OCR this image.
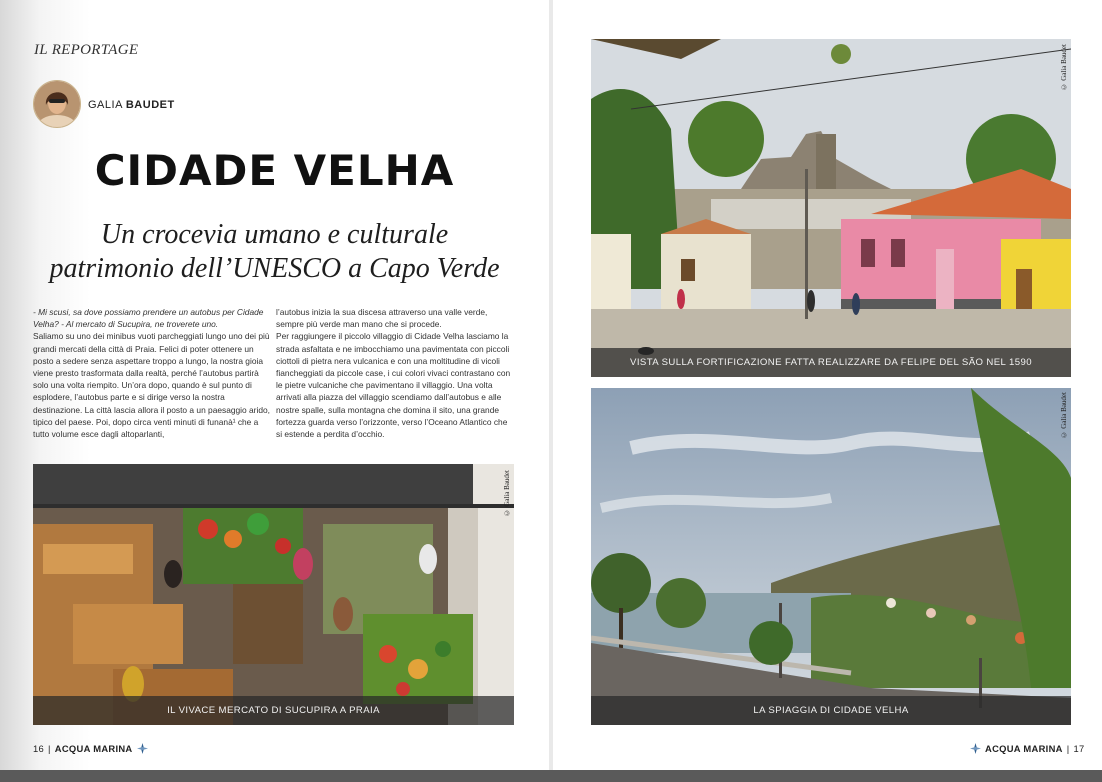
IL REPORTAGE
GALIA BAUDET
CIDADE VELHA
Un crocevia umano e culturale
patrimonio dell’UNESCO a Capo Verde

- Mi scusi, sa dove possiamo prendere un autobus per Cidade Velha? - Al mercato di Sucupira, ne troverete uno.

Saliamo su uno dei minibus vuoti parcheggiati lungo uno dei più grandi mercati della città di Praia. Felici di poter ottenere un posto a sedere senza aspettare troppo a lungo, la nostra gioia viene presto trasformata dalla realtà, perché l’autobus partirà solo una volta riempito. Un’ora dopo, quando è sul punto di esplodere, l’autobus parte e si dirige verso la nostra destinazione. La città lascia allora il posto a un paesaggio arido, tipico del paese. Poi, dopo circa venti minuti di funanà¹ che a tutto volume esce dagli altoparlanti,

l’autobus inizia la sua discesa attraverso una valle verde, sempre più verde man mano che si procede.

Per raggiungere il piccolo villaggio di Cidade Velha lasciamo la strada asfaltata e ne imbocchiamo una pavimentata con piccoli ciottoli di pietra nera vulcanica e con una moltitudine di vicoli fiancheggiati da piccole case, i cui colori vivaci contrastano con le pietre vulcaniche che pavimentano il villaggio. Una volta arrivati alla piazza del villaggio scendiamo dall’autobus e alle nostre spalle, sulla montagna che domina il sito, una grande fortezza guarda verso l’orizzonte, verso l’Oceano Atlantico che si estende a perdita d’occhio.

IL VIVACE MERCATO DI SUCUPIRA A PRAIA
© Galia Baudet
16 | ACQUA MARINA
VISTA SULLA FORTIFICAZIONE FATTA REALIZZARE DA FELIPE DEL SÃO NEL 1590
© Galia Baudet
LA SPIAGGIA DI CIDADE VELHA
© Galia Baudet
ACQUA MARINA | 17
